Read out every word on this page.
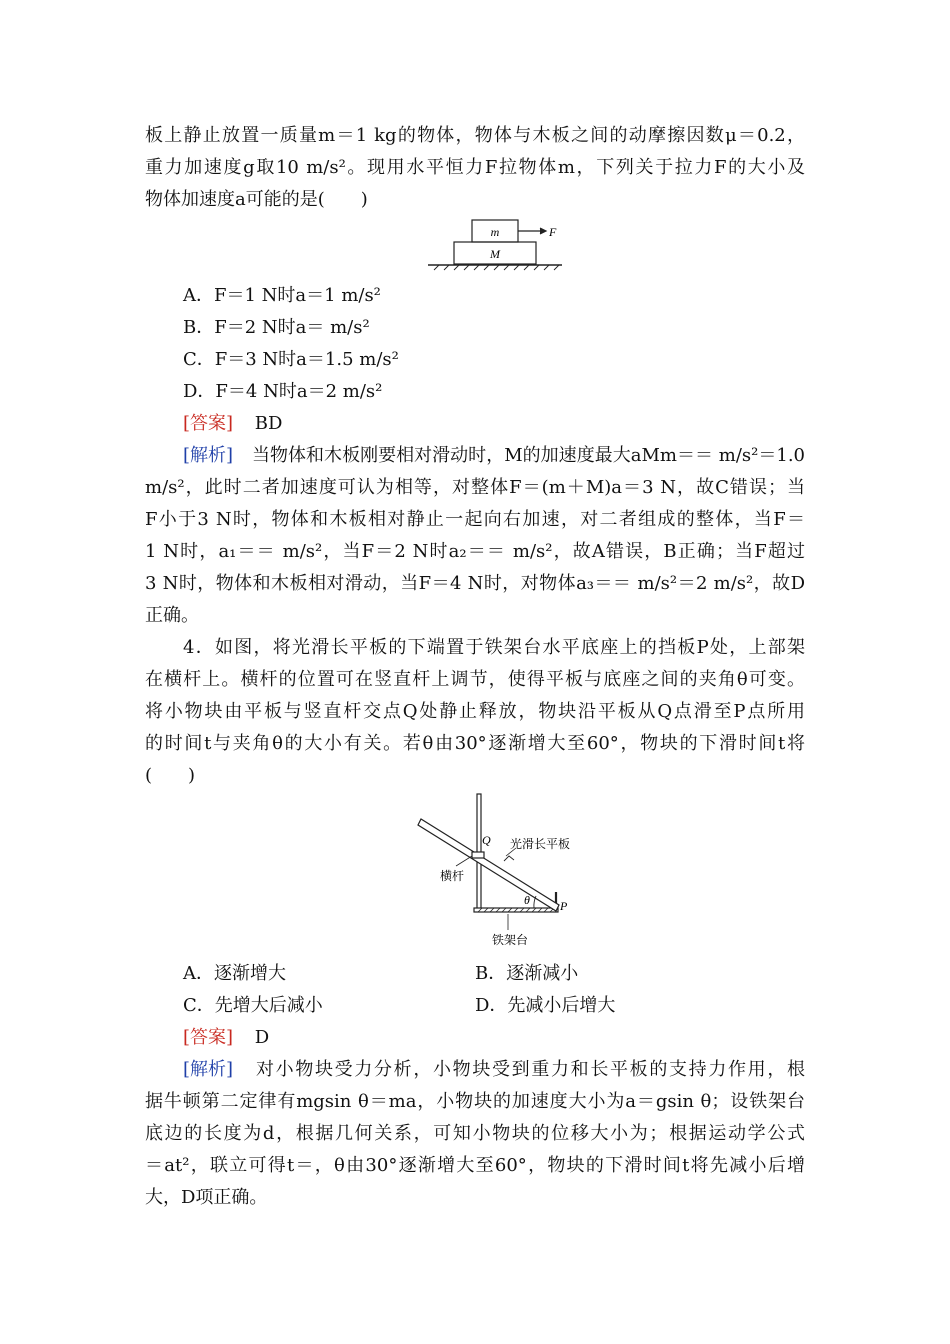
板上静止放置一质量m＝1 kg的物体，物体与木板之间的动摩擦因数μ＝0.2，
重力加速度g取10 m/s²。现用水平恒力F拉物体m，下列关于拉力F的大小及
物体加速度a可能的是(　　)
m
M
F
A．F＝1 N时a＝1 m/s²
B．F＝2 N时a＝ m/s²
C．F＝3 N时a＝1.5 m/s²
D．F＝4 N时a＝2 m/s²
[答案] BD
[解析] 当物体和木板刚要相对滑动时，M的加速度最大aMm＝＝ m/s²＝1.0
m/s²，此时二者加速度可认为相等，对整体F＝(m＋M)a＝3 N，故C错误；当
F小于3 N时，物体和木板相对静止一起向右加速，对二者组成的整体，当F＝
1 N时，a₁＝＝ m/s²，当F＝2 N时a₂＝＝ m/s²，故A错误，B正确；当F超过
3 N时，物体和木板相对滑动，当F＝4 N时，对物体a₃＝＝ m/s²＝2 m/s²，故D
正确。
4．如图，将光滑长平板的下端置于铁架台水平底座上的挡板P处，上部架
在横杆上。横杆的位置可在竖直杆上调节，使得平板与底座之间的夹角θ可变。
将小物块由平板与竖直杆交点Q处静止释放，物块沿平板从Q点滑至P点所用
的时间t与夹角θ的大小有关。若θ由30°逐渐增大至60°，物块的下滑时间t将
(　　)
Q
P
θ
光滑长平板
横杆
铁架台
A．逐渐增大	B．逐渐减小
C．先增大后减小	D．先减小后增大
[答案] D
[解析] 对小物块受力分析，小物块受到重力和长平板的支持力作用，根
据牛顿第二定律有mgsin θ＝ma，小物块的加速度大小为a＝gsin θ；设铁架台
底边的长度为d，根据几何关系，可知小物块的位移大小为；根据运动学公式
＝at²，联立可得t＝，θ由30°逐渐增大至60°，物块的下滑时间t将先减小后增
大，D项正确。
